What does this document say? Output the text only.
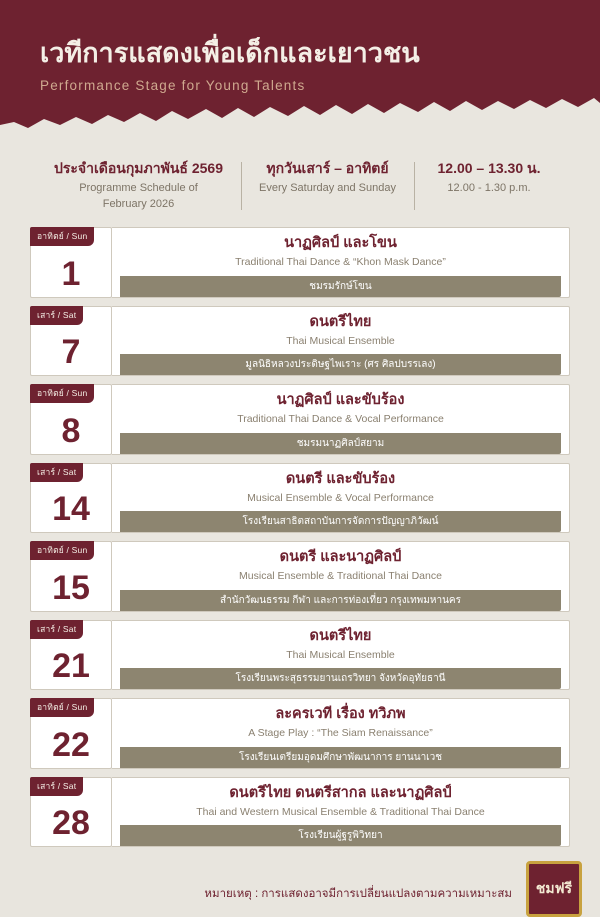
เวทีการแสดงเพื่อเด็กและเยาวชน
Performance Stage for Young Talents
ประจำเดือนกุมภาพันธ์ 2569
Programme Schedule of
February 2026
ทุกวันเสาร์ – อาทิตย์
Every Saturday and Sunday
12.00 – 13.30 น.
12.00 - 1.30 p.m.
อาทิตย์ / Sun
1
นาฏศิลป์ และโขน
Traditional Thai Dance & “Khon Mask Dance”
ชมรมรักษ์โขน
เสาร์ / Sat
7
ดนตรีไทย
Thai Musical Ensemble
มูลนิธิหลวงประดิษฐไพเราะ (ศร ศิลปบรรเลง)
อาทิตย์ / Sun
8
นาฏศิลป์ และขับร้อง
Traditional Thai Dance & Vocal Performance
ชมรมนาฏศิลป์สยาม
เสาร์ / Sat
14
ดนตรี และขับร้อง
Musical Ensemble & Vocal Performance
โรงเรียนสาธิตสถาบันการจัดการปัญญาภิวัฒน์
อาทิตย์ / Sun
15
ดนตรี และนาฏศิลป์
Musical Ensemble & Traditional Thai Dance
สำนักวัฒนธรรม กีฬา และการท่องเที่ยว กรุงเทพมหานคร
เสาร์ / Sat
21
ดนตรีไทย
Thai Musical Ensemble
โรงเรียนพระสุธรรมยานเถรวิทยา จังหวัดอุทัยธานี
อาทิตย์ / Sun
22
ละครเวที เรื่อง ทวิภพ
A Stage Play : “The Siam Renaissance”
โรงเรียนเตรียมอุดมศึกษาพัฒนาการ ยานนาเวช
เสาร์ / Sat
28
ดนตรีไทย ดนตรีสากล และนาฏศิลป์
Thai and Western Musical Ensemble & Traditional Thai Dance
โรงเรียนผู้ฐรูพิวิทยา
หมายเหตุ : การแสดงอาจมีการเปลี่ยนแปลงตามความเหมาะสม	ชมฟรี
